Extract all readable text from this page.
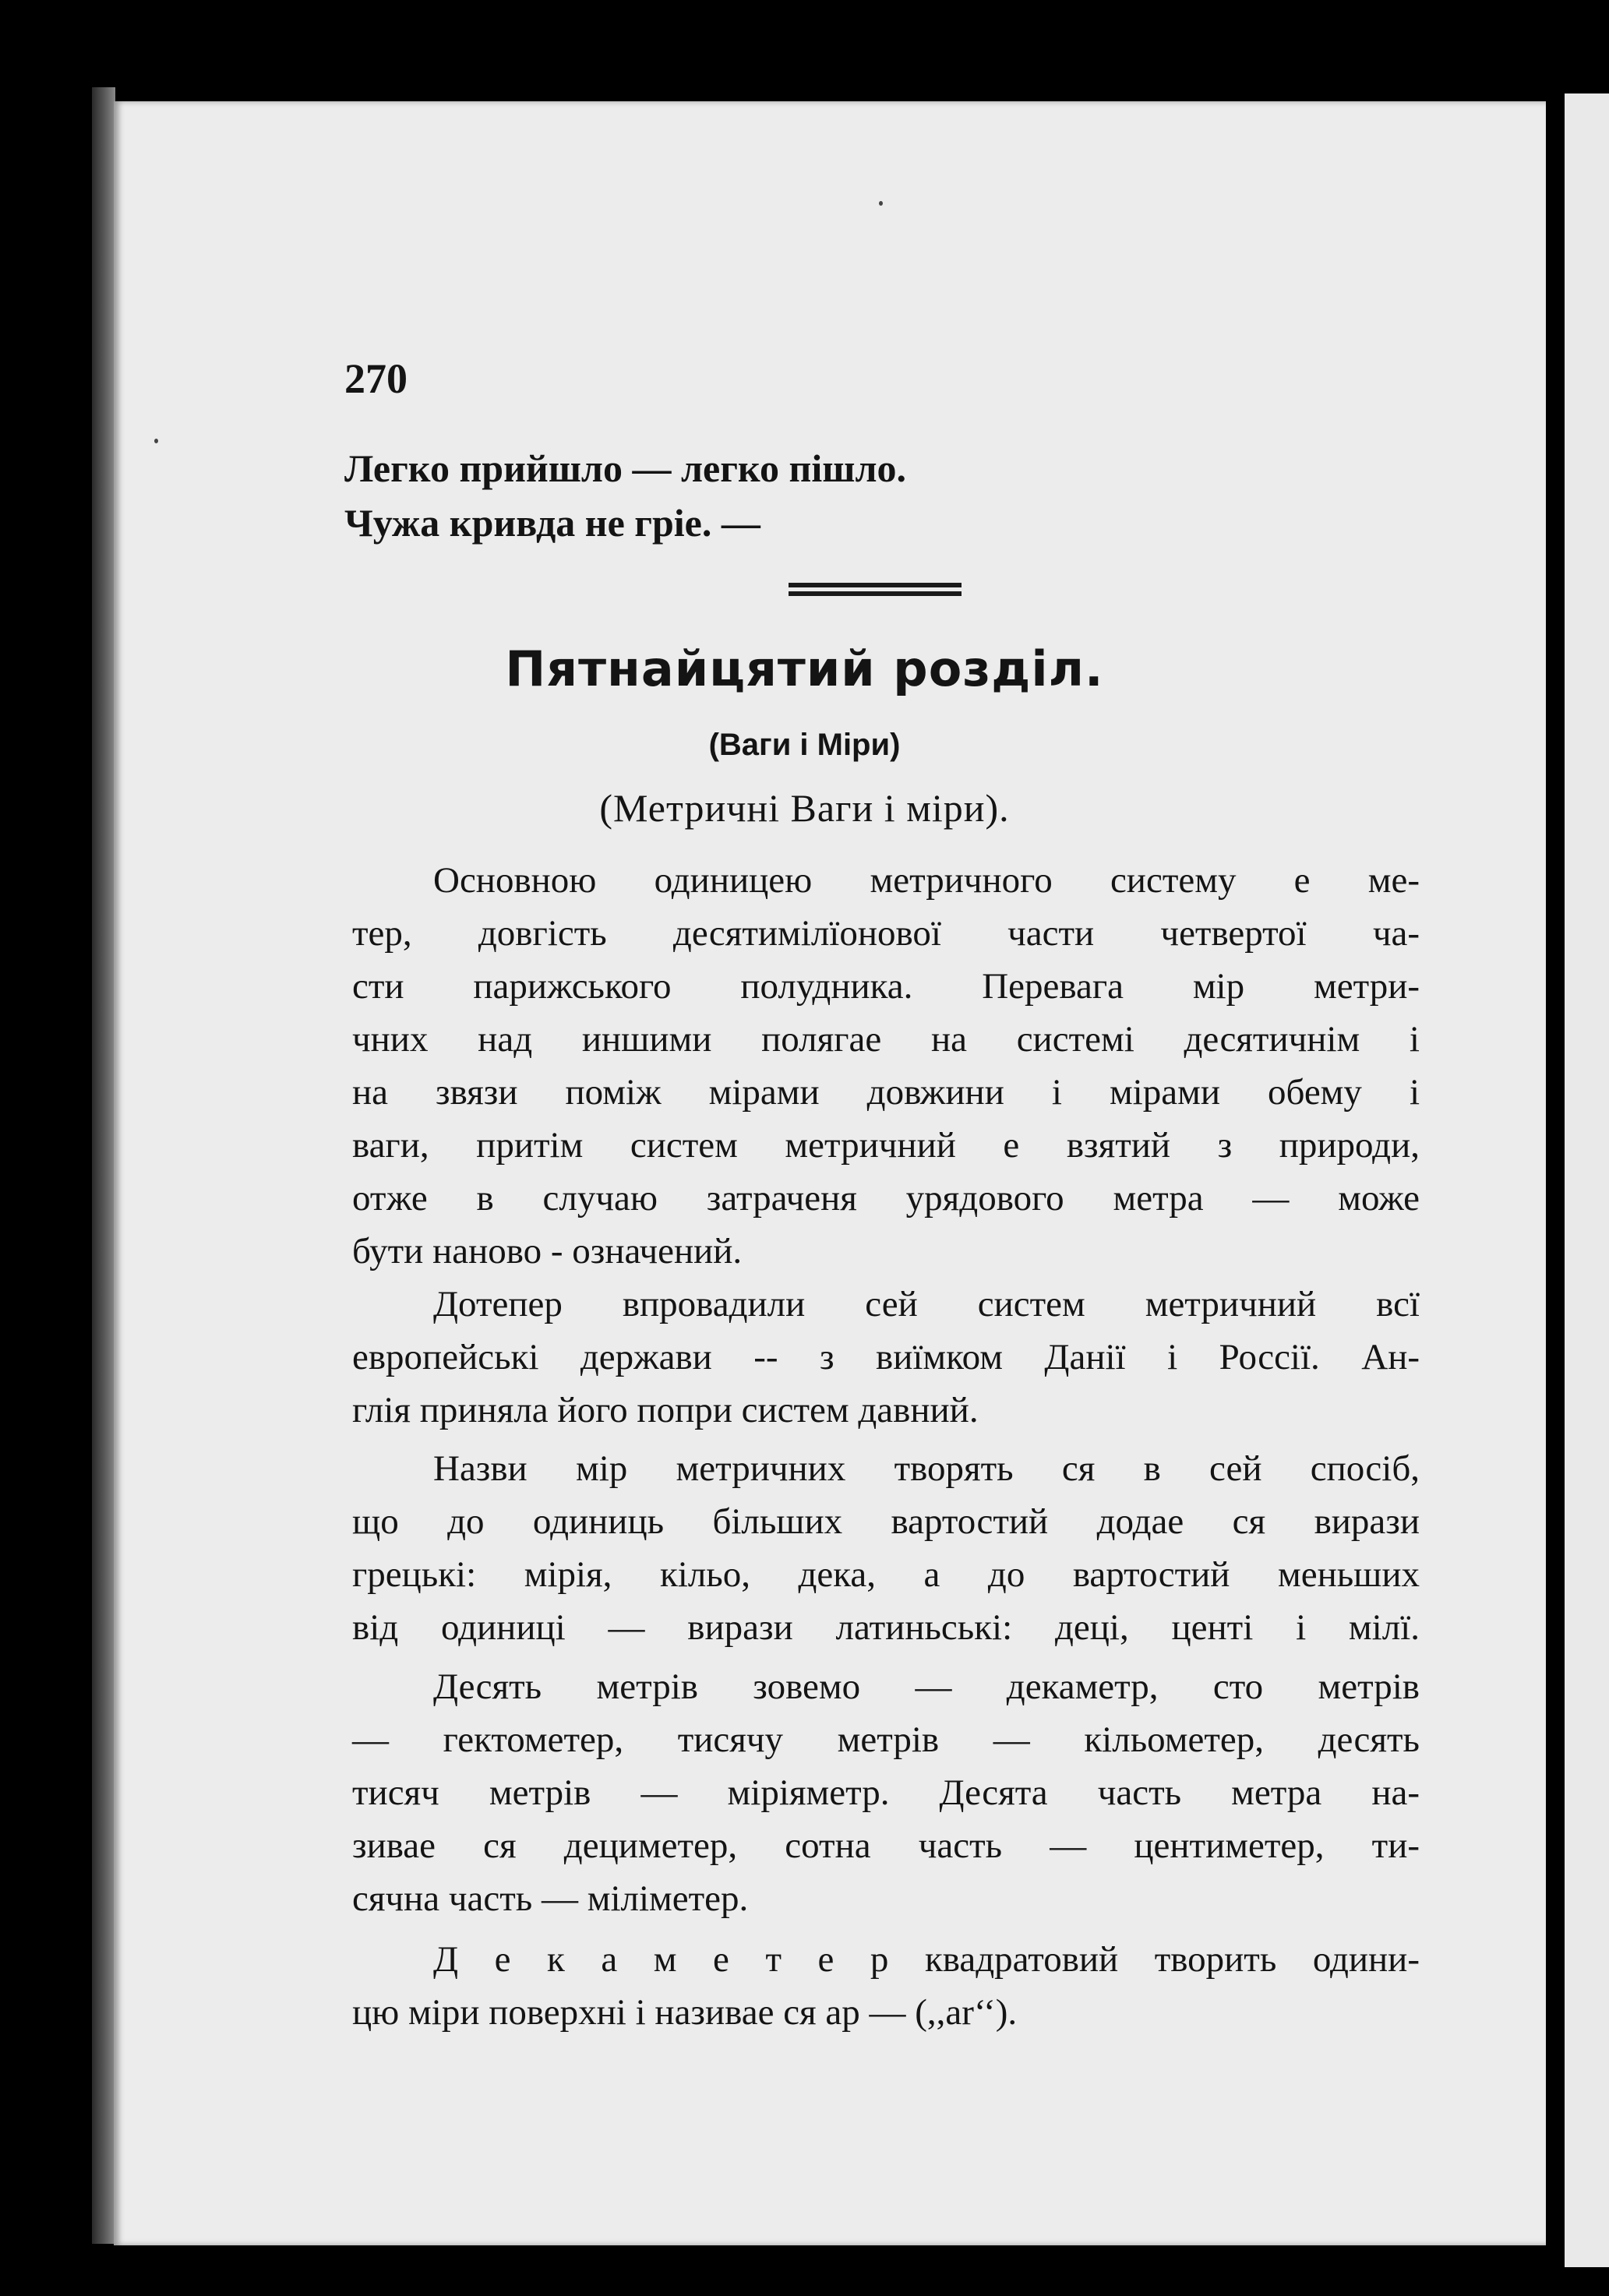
270
Легко прийшло — легко пішло.
Чужа кривда не гріе. —
Пятнайцятий розділ.
(Ваги і Міри)
(Метричні Ваги і міри).
Основною одиницею метричного систему е ме-
тер, довгість десятимілїонової части четвертої ча-
сти парижського полудника. Перевага мір метри-
чних над иншими полягае на системі десятичнім і
на звязи поміж мірами довжини і мірами обему і
ваги, притім систем метричний е взятий з природи,
отже в случаю затраченя урядового метра — може
бути наново - означений.
Дотепер впровадили сей систем метричний всї
европейські держави -- з виїмком Данії і Россії. Ан-
глія приняла його попри систем давний.
Назви мір метричних творять ся в сей спосіб,
що до одиниць більших вартостий додае ся вирази
грецькі: мірія, кільо, дека, а до вартостий меньших
від одиниці — вирази латиньські: деці, центі і мілї.
Десять метрів зовемо — декаметр, сто метрів
— гектометер, тисячу метрів — кільометер, десять
тисяч метрів — міріяметр. Десята часть метра на-
зивае ся дециметер, сотна часть — центиметер, ти-
сячна часть — міліметер.
Д е к а м е т е р квадратовий творить одини-
цю міри поверхні і називае ся ар — (,,ar‘‘).
